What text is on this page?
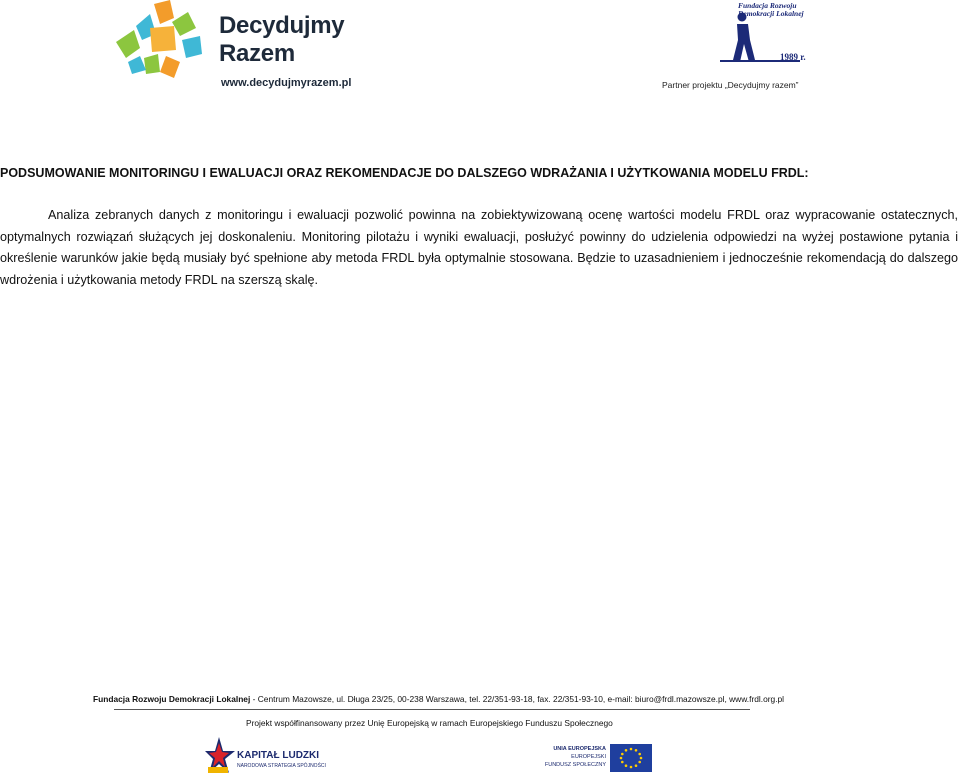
Decydujmy
Razem
www.decydujmyrazem.pl
Fundacja Rozwoju Demokracji Lokalnej
1989 r.
Partner projektu „Decydujmy razem”
PODSUMOWANIE MONITORINGU I EWALUACJI ORAZ REKOMENDACJE DO DALSZEGO WDRAŻANIA I UŻYTKOWANIA MODELU FRDL:

Analiza zebranych danych z monitoringu i ewaluacji pozwolić powinna na zobiektywizowaną ocenę wartości modelu FRDL oraz wypracowanie ostatecznych, optymalnych rozwiązań służących jej doskonaleniu. Monitoring pilotażu i wyniki ewaluacji, posłużyć powinny do udzielenia odpowiedzi na wyżej postawione pytania i określenie warunków jakie będą musiały być spełnione aby metoda FRDL była optymalnie stosowana. Będzie to uzasadnieniem i jednocześnie rekomendacją do dalszego wdrożenia i użytkowania metody FRDL na szerszą skalę.

Fundacja Rozwoju Demokracji Lokalnej - Centrum Mazowsze, ul. Długa 23/25, 00-238 Warszawa, tel. 22/351-93-18, fax. 22/351-93-10, e-mail: biuro@frdl.mazowsze.pl, www.frdl.org.pl
Projekt współfinansowany przez Unię Europejską w ramach Europejskiego Funduszu Społecznego
KAPITAŁ LUDZKI
NARODOWA STRATEGIA SPÓJNOŚCI
UNIA EUROPEJSKA
EUROPEJSKI
FUNDUSZ SPOŁECZNY
